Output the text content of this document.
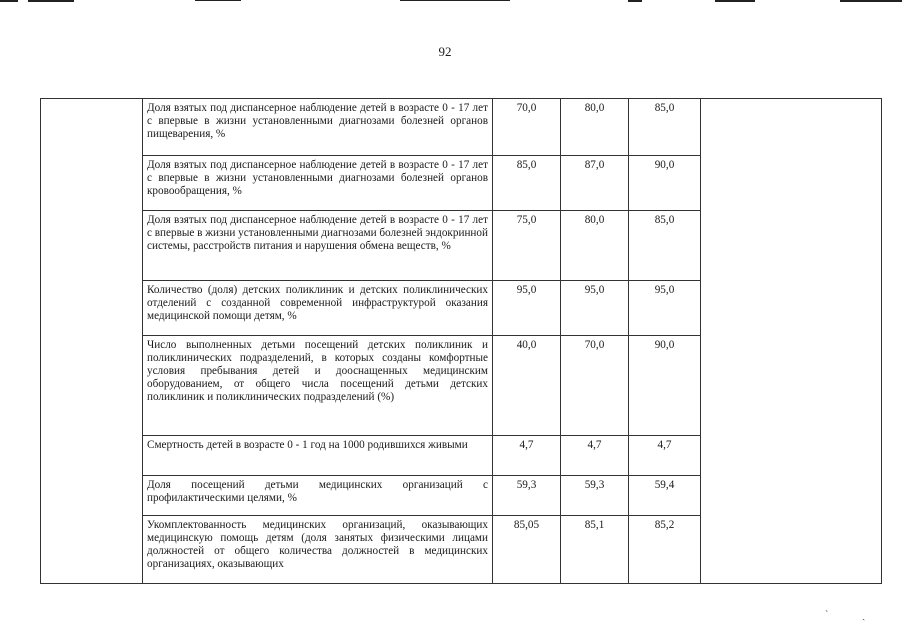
92
	Доля взятых под диспансерное наблюдение детей в возрасте 0 - 17 лет с впервые в жизни установленными диагнозами болезней органов пищеварения, %	70,0	80,0	85,0	
	Доля взятых под диспансерное наблюдение детей в возрасте 0 - 17 лет с впервые в жизни установленными диагнозами болезней органов кровообращения, %	85,0	87,0	90,0	
	Доля взятых под диспансерное наблюдение детей в возрасте 0 - 17 лет с впервые в жизни установленными диагнозами болезней эндокринной системы, расстройств питания и нарушения обмена веществ, %	75,0	80,0	85,0	
	Количество (доля) детских поликлиник и детских поликлинических отделений с созданной современной инфраструктурой оказания медицинской помощи детям, %	95,0	95,0	95,0	
	Число выполненных детьми посещений детских поликлиник и поликлинических подразделений, в которых созданы комфортные условия пребывания детей и дооснащенных медицинским оборудованием, от общего числа посещений детьми детских поликлиник и поликлинических подразделений (%)	40,0	70,0	90,0	
	Смертность детей в возрасте 0 - 1 год на 1000 родившихся живыми	4,7	4,7	4,7	
	Доля посещений детьми медицинских организаций с профилактическими целями, %	59,3	59,3	59,4	
	Укомплектованность медицинских организаций, оказывающих медицинскую помощь детям (доля занятых физическими лицами должностей от общего количества должностей в медицинских организациях, оказывающих	85,05	85,1	85,2	
ˋ	ˏ
